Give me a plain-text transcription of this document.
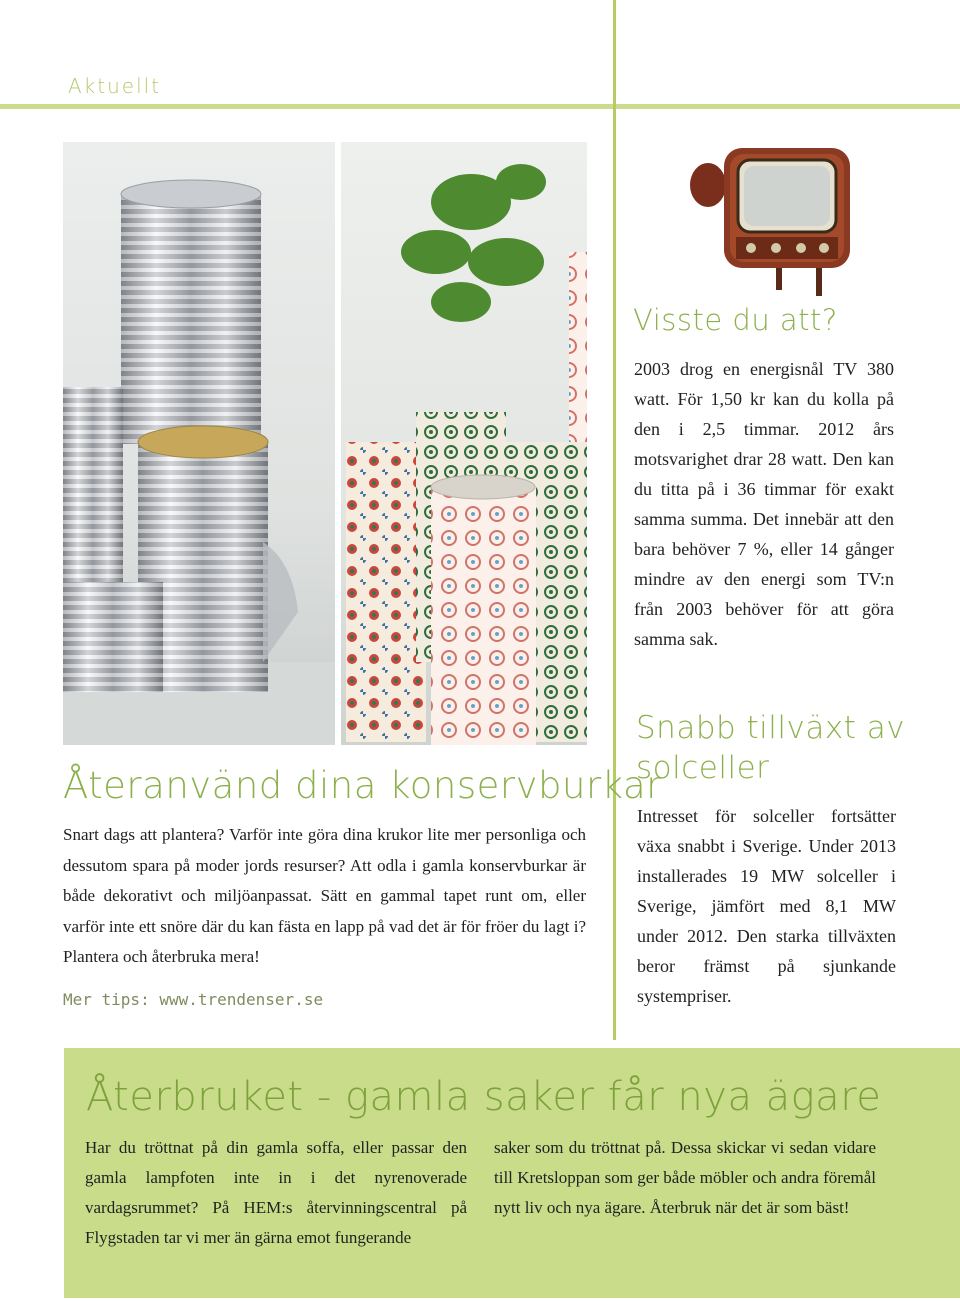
Aktuellt
Återanvänd dina konservburkar

Snart dags att plantera? Varför inte göra dina krukor lite mer personliga och dessutom spara på moder jords resurser? Att odla i gamla konservburkar är både dekorativt och miljöanpassat. Sätt en gammal tapet runt om, eller varför inte ett snöre där du kan fästa en lapp på vad det är för fröer du lagt i? Plantera och återbruka mera!

Mer tips: www.trendenser.se
Visste du att?

2003 drog en energisnål TV 380 watt. För 1,50 kr kan du kolla på den i 2,5 timmar. 2012 års motsvarighet drar 28 watt. Den kan du titta på i 36 timmar för exakt samma summa. Det innebär att den bara behöver 7 %, eller 14 gånger mindre av den energi som TV:n från 2003 behöver för att göra samma sak.

Snabb tillväxt av solceller

Intresset för solceller fortsätter växa snabbt i Sverige. Under 2013 installerades 19 MW solceller i Sverige, jämfört med 8,1 MW under 2012. Den starka tillväxten beror främst på sjunkande systempriser.

Återbruket - gamla saker får nya ägare

Har du tröttnat på din gamla soffa, eller passar den gamla lampfoten inte in i det nyrenoverade vardagsrummet? På HEM:s återvinningscentral på Flygstaden tar vi mer än gärna emot fungerande

saker som du tröttnat på. Dessa skickar vi sedan vidare till Kretsloppan som ger både möbler och andra föremål nytt liv och nya ägare. Återbruk när det är som bäst!
